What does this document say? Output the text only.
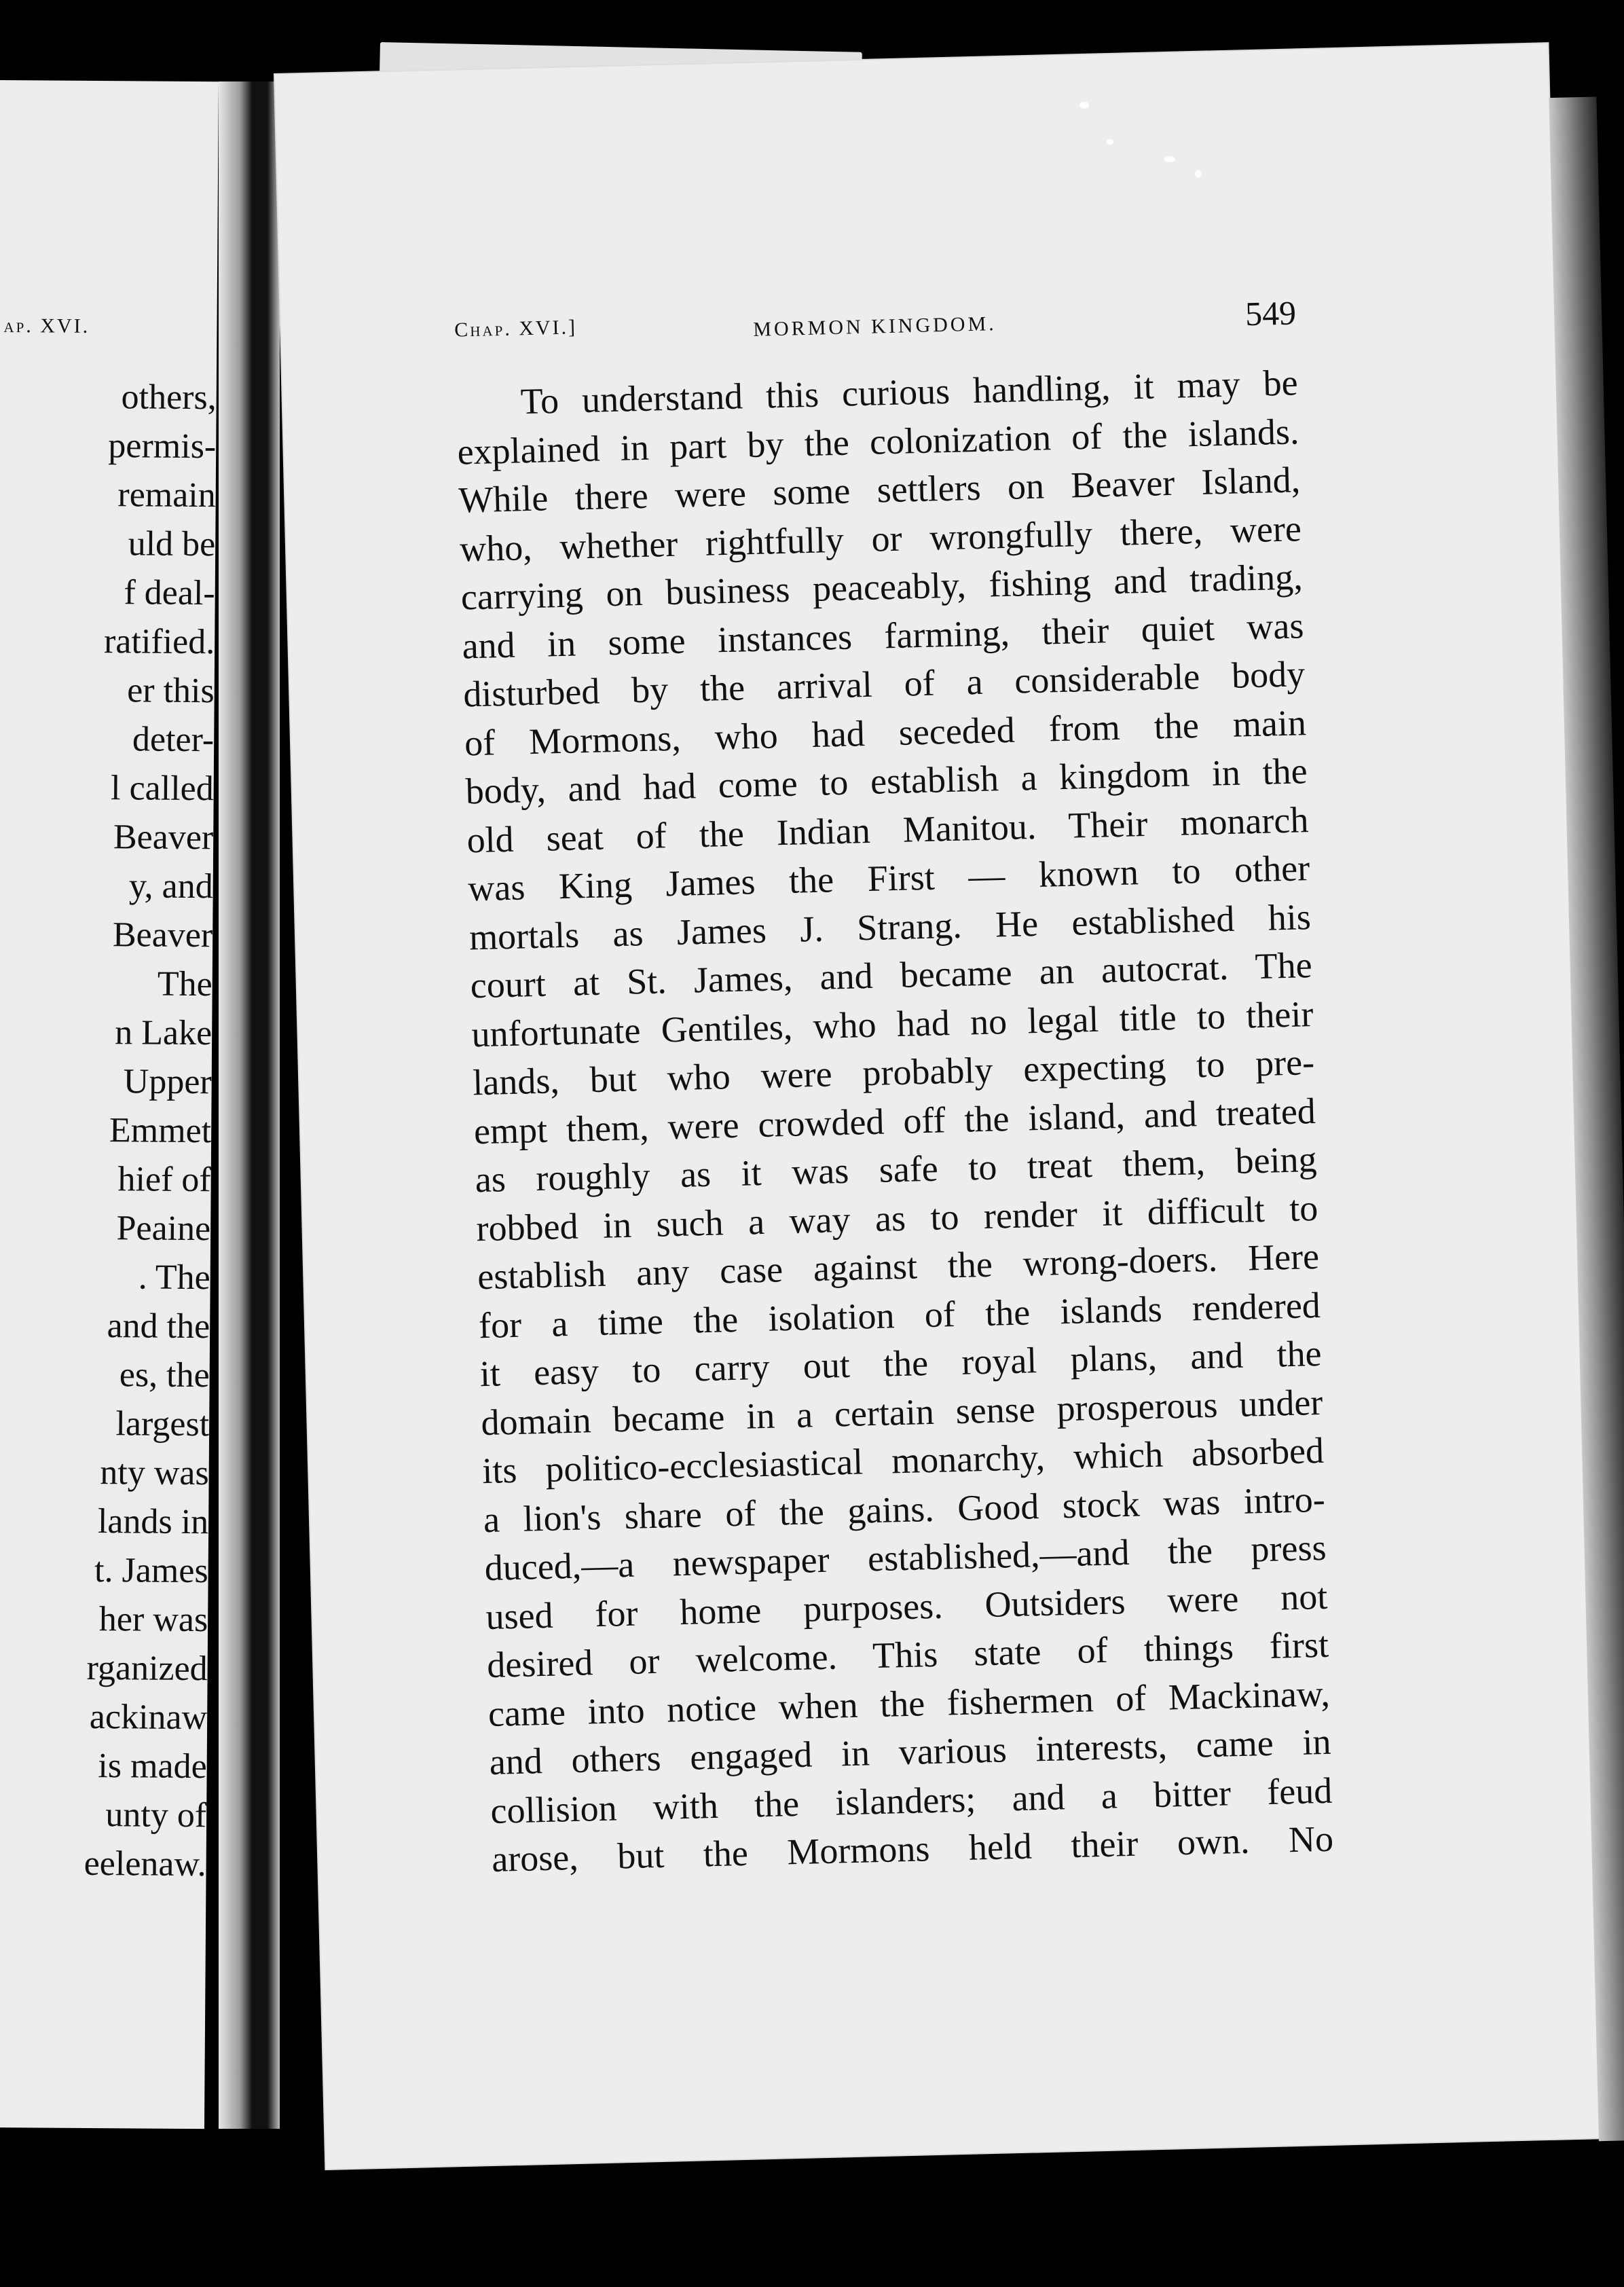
ap. XVI.
others,
permis-
remain
uld be
f deal-
ratified.
er this
deter-
l called
Beaver
y, and
Beaver
The
n Lake
Upper
Emmet
hief of
Peaine
. The
and the
es, the
largest
nty was
lands in
t. James
her was
rganized
ackinaw
is made
unty of
eelenaw.
Chap. XVI.]	MORMON KINGDOM.	549
To understand this curious handling, it may be
explained in part by the colonization of the islands.
While there were some settlers on Beaver Island,
who, whether rightfully or wrongfully there, were
carrying on business peaceably, fishing and trading,
and in some instances farming, their quiet was
disturbed by the arrival of a considerable body
of Mormons, who had seceded from the main
body, and had come to establish a kingdom in the
old seat of the Indian Manitou. Their monarch
was King James the First — known to other
mortals as James J. Strang. He established his
court at St. James, and became an autocrat. The
unfortunate Gentiles, who had no legal title to their
lands, but who were probably expecting to pre-
empt them, were crowded off the island, and treated
as roughly as it was safe to treat them, being
robbed in such a way as to render it difficult to
establish any case against the wrong-doers. Here
for a time the isolation of the islands rendered
it easy to carry out the royal plans, and the
domain became in a certain sense prosperous under
its politico-ecclesiastical monarchy, which absorbed
a lion's share of the gains. Good stock was intro-
duced,—a newspaper established,—and the press
used for home purposes. Outsiders were not
desired or welcome. This state of things first
came into notice when the fishermen of Mackinaw,
and others engaged in various interests, came in
collision with the islanders; and a bitter feud
arose, but the Mormons held their own. No
